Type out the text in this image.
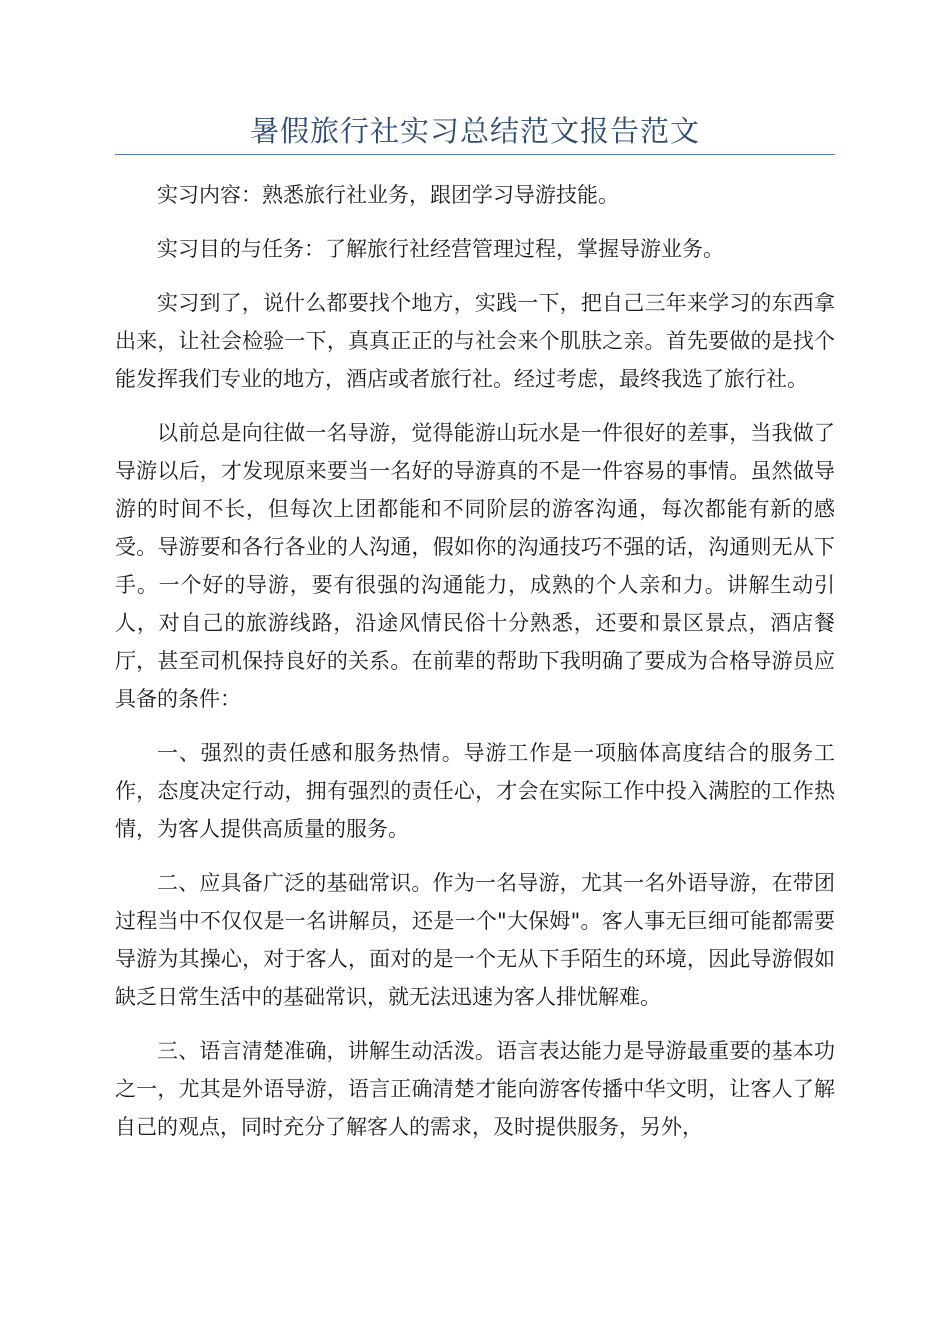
暑假旅行社实习总结范文报告范文

实习内容：熟悉旅行社业务，跟团学习导游技能。

实习目的与任务：了解旅行社经营管理过程，掌握导游业务。

实习到了，说什么都要找个地方，实践一下，把自己三年来学习的东西拿出来，让社会检验一下，真真正正的与社会来个肌肤之亲。首先要做的是找个能发挥我们专业的地方，酒店或者旅行社。经过考虑，最终我选了旅行社。

以前总是向往做一名导游，觉得能游山玩水是一件很好的差事，当我做了导游以后，才发现原来要当一名好的导游真的不是一件容易的事情。虽然做导游的时间不长，但每次上团都能和不同阶层的游客沟通，每次都能有新的感受。导游要和各行各业的人沟通，假如你的沟通技巧不强的话，沟通则无从下手。一个好的导游，要有很强的沟通能力，成熟的个人亲和力。讲解生动引人，对自己的旅游线路，沿途风情民俗十分熟悉，还要和景区景点，酒店餐厅，甚至司机保持良好的关系。在前辈的帮助下我明确了要成为合格导游员应具备的条件：

一、强烈的责任感和服务热情。导游工作是一项脑体高度结合的服务工作，态度决定行动，拥有强烈的责任心，才会在实际工作中投入满腔的工作热情，为客人提供高质量的服务。

二、应具备广泛的基础常识。作为一名导游，尤其一名外语导游，在带团过程当中不仅仅是一名讲解员，还是一个"大保姆"。客人事无巨细可能都需要导游为其操心，对于客人，面对的是一个无从下手陌生的环境，因此导游假如缺乏日常生活中的基础常识，就无法迅速为客人排忧解难。

三、语言清楚准确，讲解生动活泼。语言表达能力是导游最重要的基本功之一，尤其是外语导游，语言正确清楚才能向游客传播中华文明，让客人了解自己的观点，同时充分了解客人的需求，及时提供服务，另外，
